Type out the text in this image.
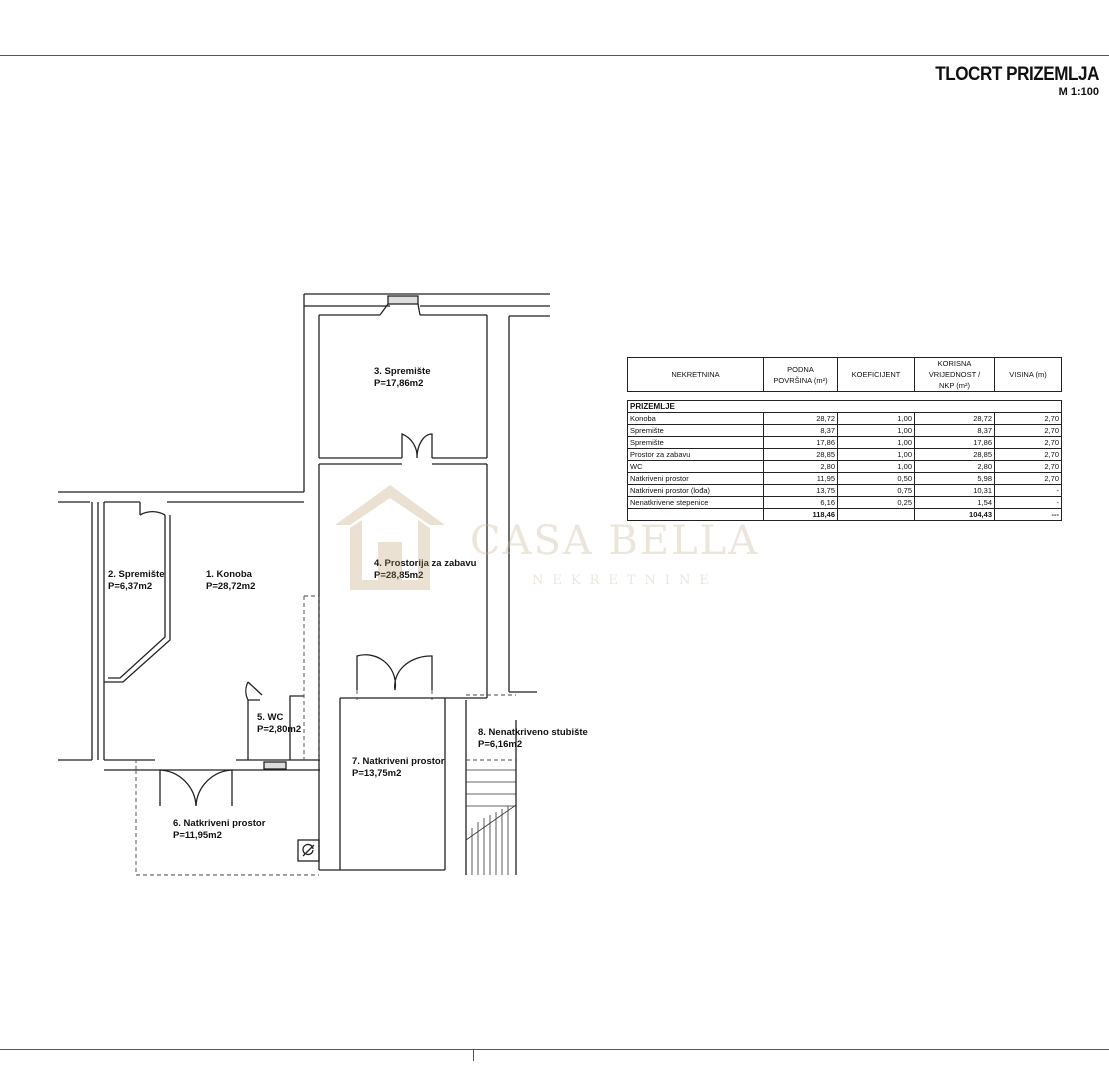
TLOCRT PRIZEMLJA
M 1:100
1. Konoba
P=28,72m2
2. Spremište
P=6,37m2
3. Spremište
P=17,86m2
4. Prostorija za zabavu
P=28,85m2
5. WC
P=2,80m2
6. Natkriveni prostor
P=11,95m2
7. Natkriveni prostor
P=13,75m2
8. Nenatkriveno stubište
P=6,16m2
CASA BELLA
NEKRETNINE
NEKRETNINA	PODNA
POVRŠINA (m²)	KOEFICIJENT	KORISNA
VRIJEDNOST /
NKP (m²)	VISINA (m)

PRIZEMLJE				
Konoba	28,72	1,00	28,72	2,70
Spremište	8,37	1,00	8,37	2,70
Spremište	17,86	1,00	17,86	2,70
Prostor za zabavu	28,85	1,00	28,85	2,70
WC	2,80	1,00	2,80	2,70
Natkriveni prostor	11,95	0,50	5,98	2,70
Natkriveni prostor (lođa)	13,75	0,75	10,31	-
Nenatkrivene stepenice	6,16	0,25	1,54	-
	118,46		104,43	---
